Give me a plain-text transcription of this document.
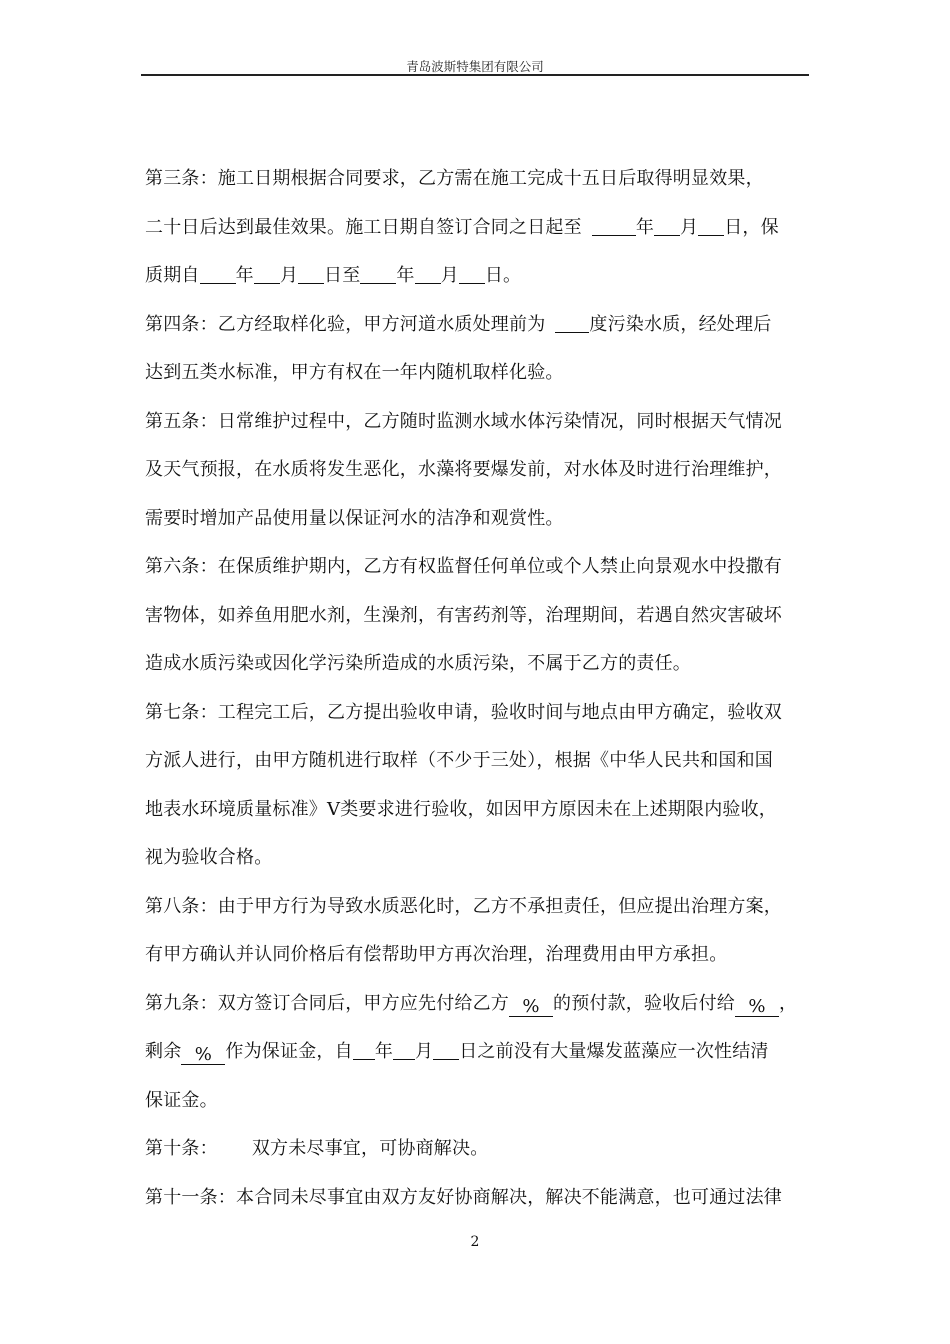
青岛波斯特集团有限公司
第三条：施工日期根据合同要求，乙方需在施工完成十五日后取得明显效果，
二十日后达到最佳效果。施工日期自签订合同之日起至	年 月 日，保
质期自 年 月 日至 年 月 日。
第四条：乙方经取样化验，甲方河道水质处理前为 度污染水质，经处理后
达到五类水标准，甲方有权在一年内随机取样化验。
第五条：日常维护过程中，乙方随时监测水域水体污染情况，同时根据天气情况
及天气预报，在水质将发生恶化，水藻将要爆发前，对水体及时进行治理维护，
需要时增加产品使用量以保证河水的洁净和观赏性。
第六条：在保质维护期内，乙方有权监督任何单位或个人禁止向景观水中投撒有
害物体，如养鱼用肥水剂，生澡剂，有害药剂等，治理期间，若遇自然灾害破坏
造成水质污染或因化学污染所造成的水质污染，不属于乙方的责任。
第七条：工程完工后，乙方提出验收申请，验收时间与地点由甲方确定，验收双
方派人进行，由甲方随机进行取样（不少于三处），根据《中华人民共和国和国
地表水环境质量标准》V类要求进行验收，如因甲方原因未在上述期限内验收，
视为验收合格。
第八条：由于甲方行为导致水质恶化时，乙方不承担责任，但应提出治理方案，
有甲方确认并认同价格后有偿帮助甲方再次治理，治理费用由甲方承担。
第九条：双方签订合同后，甲方应先付给乙方 % 的预付款，验收后付给 % ，
剩余 % 作为保证金，自 年 月 日之前没有大量爆发蓝藻应一次性结清
保证金。
第十条： 双方未尽事宜，可协商解决。
第十一条：本合同未尽事宜由双方友好协商解决，解决不能满意，也可通过法律
2
